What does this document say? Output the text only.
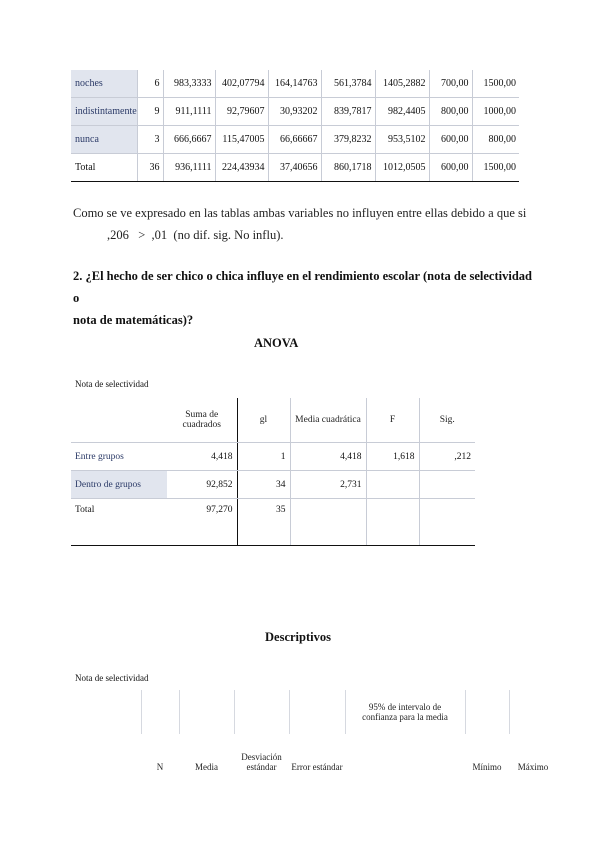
noches	6	983,3333	402,07794	164,14763	561,3784	1405,2882	700,00	1500,00
indistintamente	9	911,1111	92,79607	30,93202	839,7817	982,4405	800,00	1000,00
nunca	3	666,6667	115,47005	66,66667	379,8232	953,5102	600,00	800,00
Total	36	936,1111	224,43934	37,40656	860,1718	1012,0505	600,00	1500,00
Como se ve expresado en las tablas ambas variables no influyen entre ellas debido a que si
,206   >  ,01  (no dif. sig. No influ).
2. ¿El hecho de ser chico o chica influye en el rendimiento escolar (nota de selectividad o
nota de matemáticas)?
ANOVA
Nota de selectividad

	Suma de
cuadrados	gl	Media cuadrática	F	Sig.
Entre grupos	4,418	1	4,418	1,618	,212
Dentro de grupos	92,852	34	2,731		
Total	97,270	35			
Descriptivos
Nota de selectividad

					95% de intervalo de
confianza para la media			

	N	Media	Desviación
estándar	Error estándar			Mínimo	Máximo
